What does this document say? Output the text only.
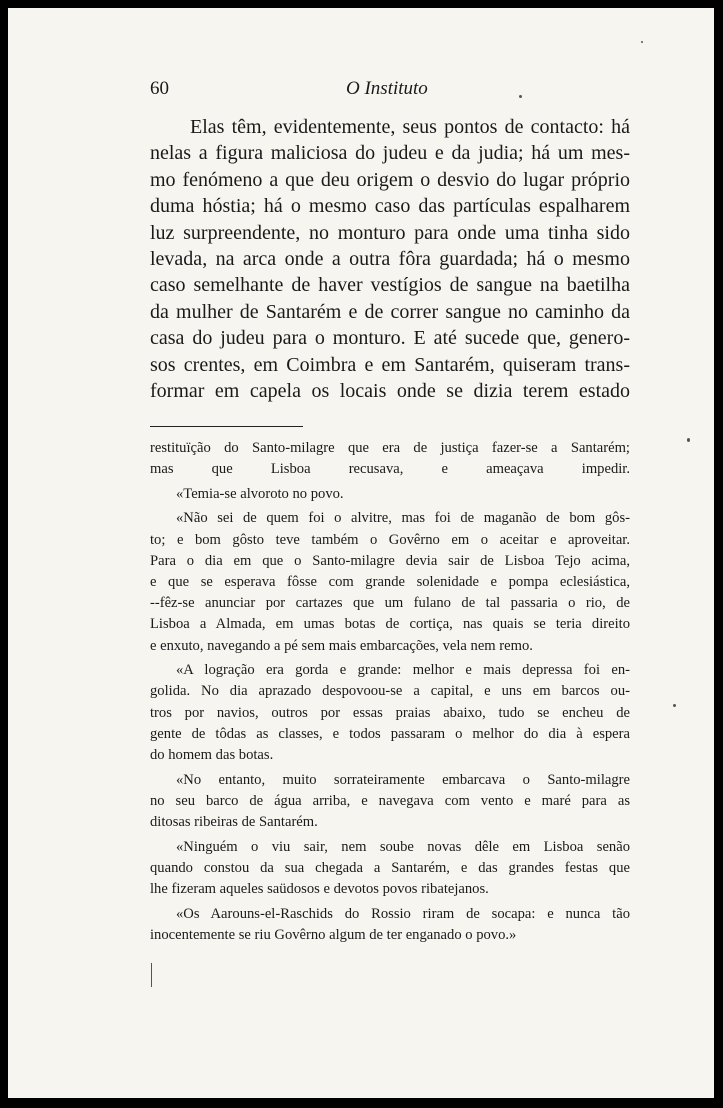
60	O Instituto
Elas têm, evidentemente, seus pontos de contacto: há
nelas a figura maliciosa do judeu e da judia; há um mes-
mo fenómeno a que deu origem o desvio do lugar próprio
duma hóstia; há o mesmo caso das partículas espalharem
luz surpreendente, no monturo para onde uma tinha sido
levada, na arca onde a outra fôra guardada; há o mesmo
caso semelhante de haver vestígios de sangue na baetilha
da mulher de Santarém e de correr sangue no caminho da
casa do judeu para o monturo. E até sucede que, genero-
sos crentes, em Coimbra e em Santarém, quiseram trans-
formar em capela os locais onde se dizia terem estado
restituïção do Santo-milagre que era de justiça fazer-se a Santarém;
mas que Lisboa recusava, e ameaçava impedir.
«Temia-se alvoroto no povo.
«Não sei de quem foi o alvitre, mas foi de maganão de bom gôs-
to; e bom gôsto teve também o Govêrno em o aceitar e aproveitar.
Para o dia em que o Santo-milagre devia sair de Lisboa Tejo acima,
e que se esperava fôsse com grande solenidade e pompa eclesiástica,
--fêz-se anunciar por cartazes que um fulano de tal passaria o rio, de
Lisboa a Almada, em umas botas de cortiça, nas quais se teria direito
e enxuto, navegando a pé sem mais embarcações, vela nem remo.
«A logração era gorda e grande: melhor e mais depressa foi en-
golida. No dia aprazado despovoou-se a capital, e uns em barcos ou-
tros por navios, outros por essas praias abaixo, tudo se encheu de
gente de tôdas as classes, e todos passaram o melhor do dia à espera
do homem das botas.
«No entanto, muito sorrateiramente embarcava o Santo-milagre
no seu barco de água arriba, e navegava com vento e maré para as
ditosas ribeiras de Santarém.
«Ninguém o viu sair, nem soube novas dêle em Lisboa senão
quando constou da sua chegada a Santarém, e das grandes festas que
lhe fizeram aqueles saüdosos e devotos povos ribatejanos.
«Os Aarouns-el-Raschids do Rossio riram de socapa: e nunca tão
inocentemente se riu Govêrno algum de ter enganado o povo.»
